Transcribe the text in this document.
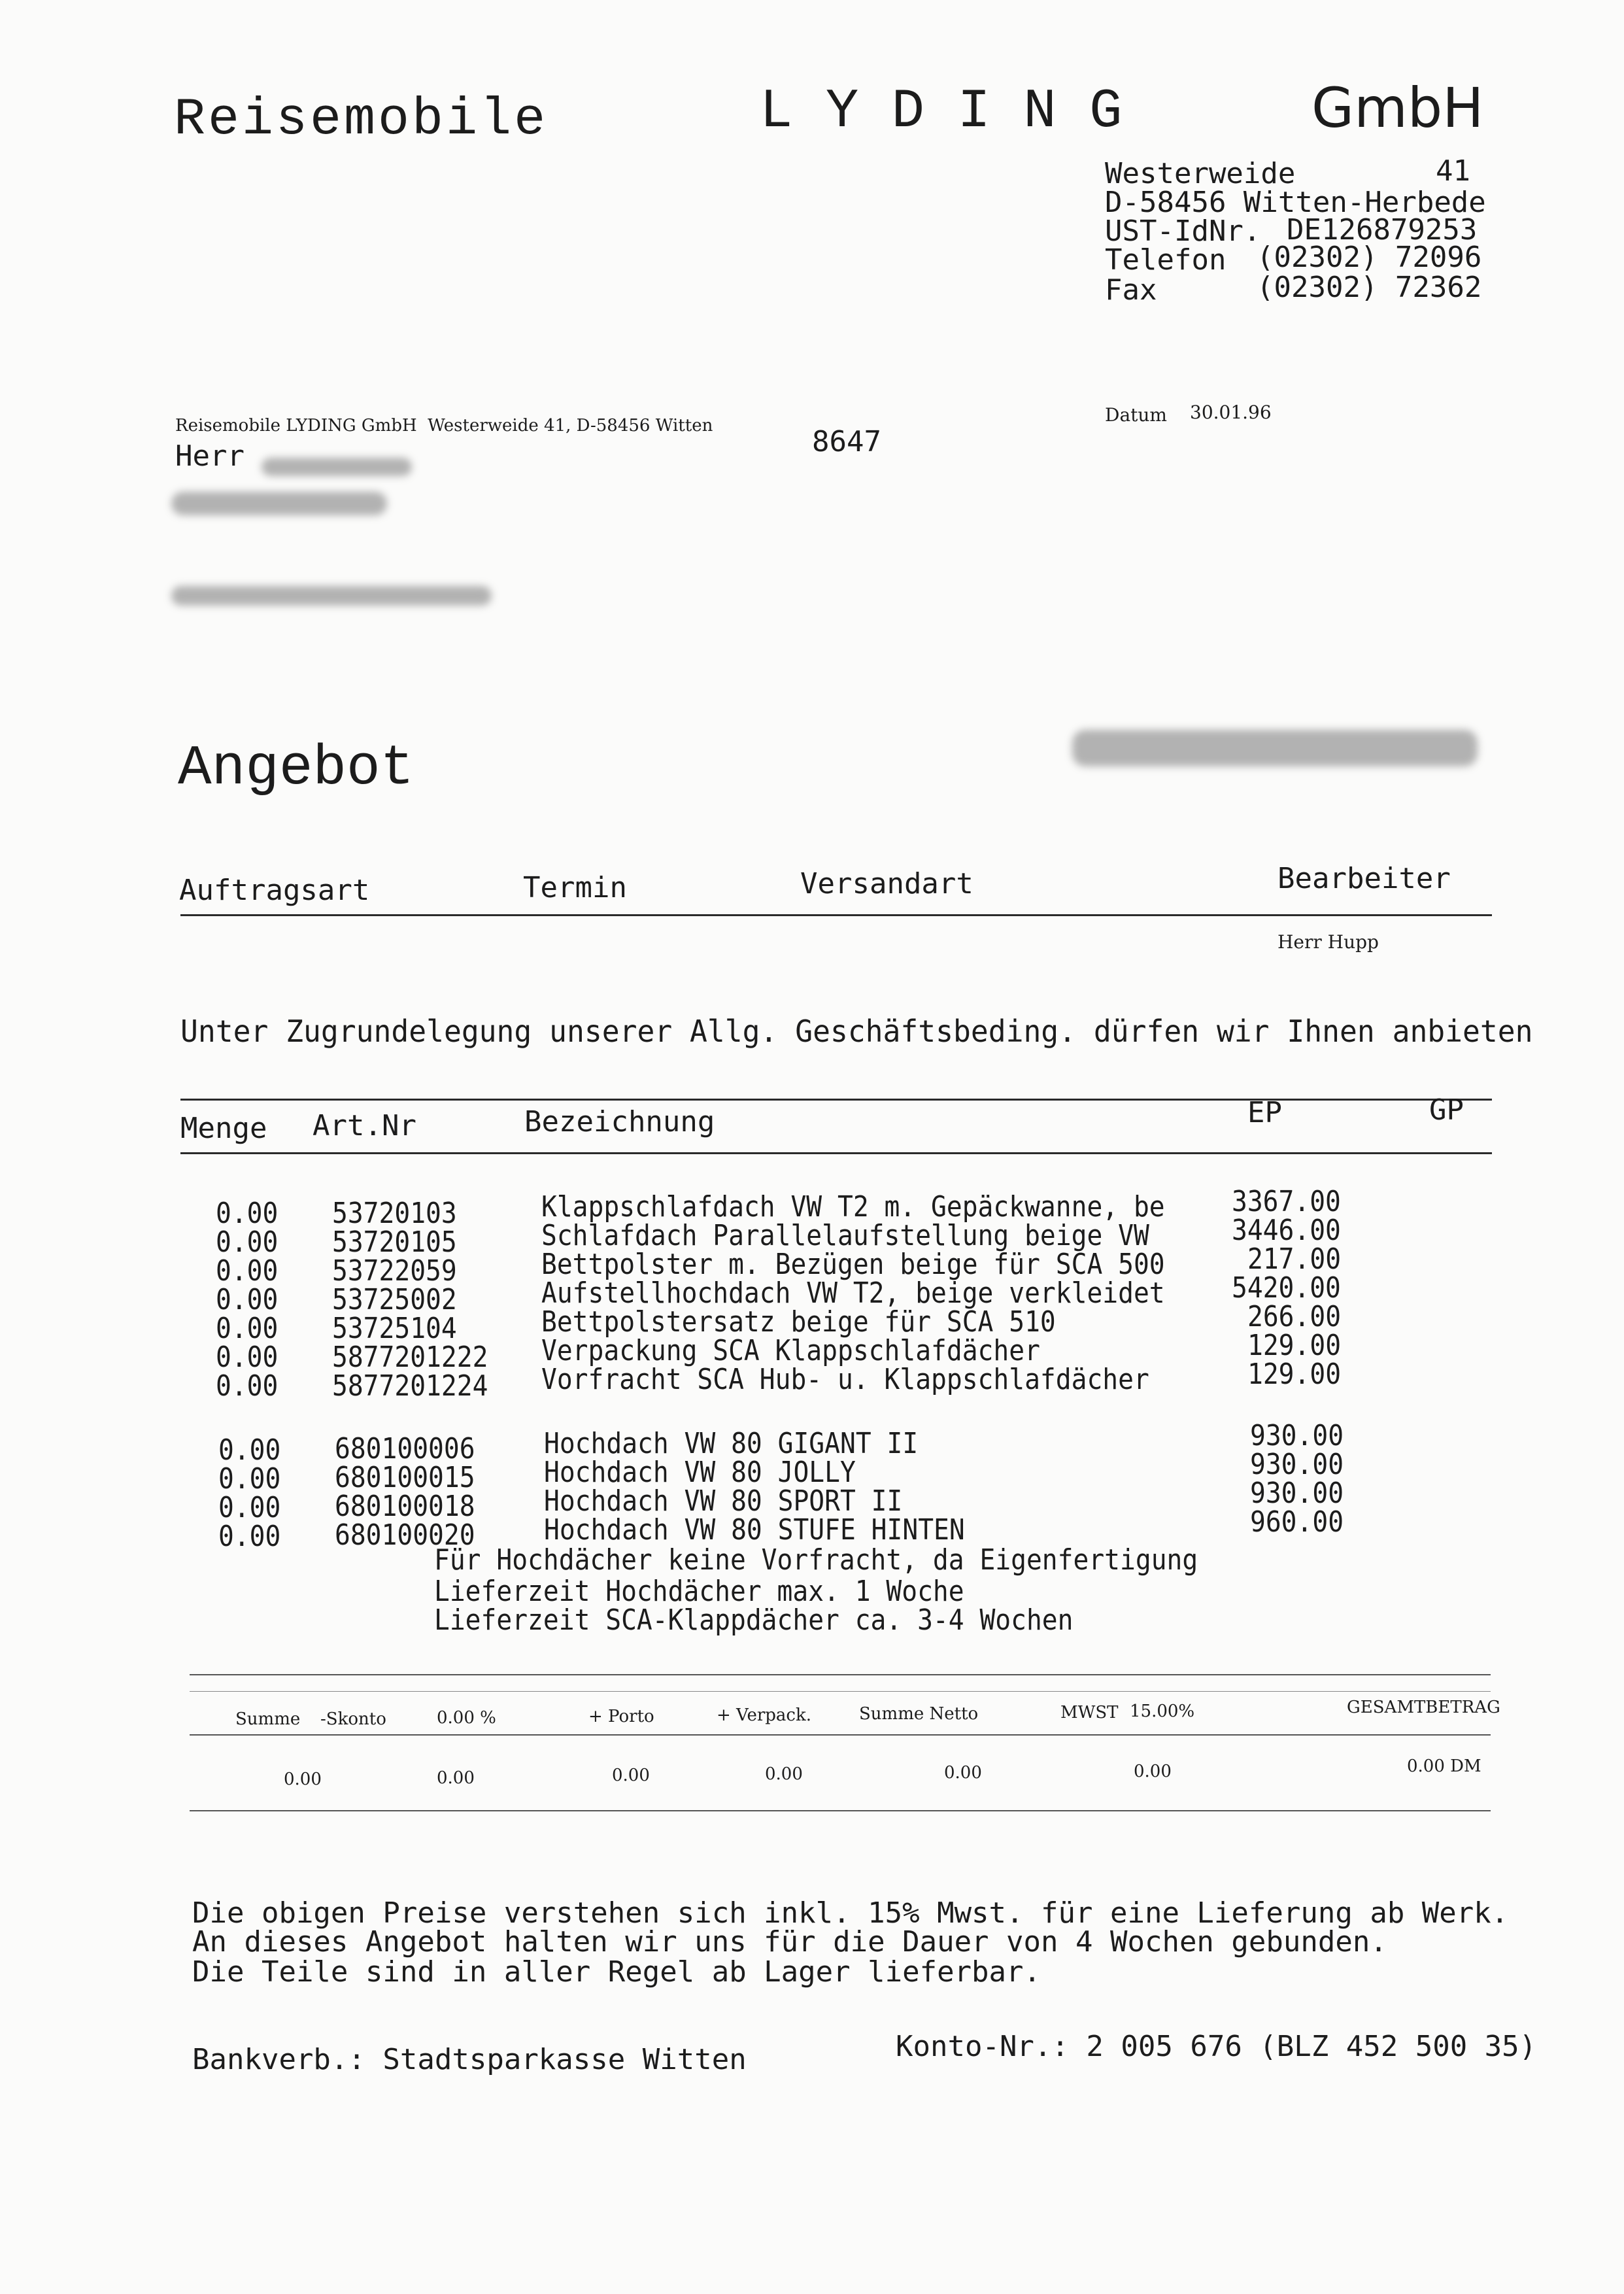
Reisemobile	L Y D I N G	GmbH
Westerweide	41
D-58456 Witten-Herbede
UST-IdNr. DE126879253
Telefon (02302) 72096
Fax	(02302) 72362
Reisemobile LYDING GmbH  Westerweide 41, D-58456 Witten	8647
Herr
Datum 30.01.96
Angebot
Auftragsart	Termin	Versandart	Bearbeiter
Herr Hupp
Unter Zugrundelegung unserer Allg. Geschäftsbeding. dürfen wir Ihnen anbieten
Menge Art.Nr	Bezeichnung	EP	GP
0.00 53720103	Klappschlafdach VW T2 m. Gepäckwanne, be 3367.00
0.00 53720105	Schlafdach Parallelaufstellung beige VW	3446.00
0.00 53722059	Bettpolster m. Bezügen beige für SCA 500	217.00
0.00 53725002	Aufstellhochdach VW T2, beige verkleidet 5420.00
0.00 53725104	Bettpolstersatz beige für SCA 510	266.00
0.00 5877201222 Verpackung SCA Klappschlafdächer	129.00
0.00 5877201224 Vorfracht SCA Hub- u. Klappschlafdächer	129.00
0.00 680100006 Hochdach VW 80 GIGANT II	930.00
0.00 680100015 Hochdach VW 80 JOLLY	930.00
0.00 680100018 Hochdach VW 80 SPORT II	930.00
0.00 680100020 Hochdach VW 80 STUFE HINTEN	960.00
Für Hochdächer keine Vorfracht, da Eigenfertigung
Lieferzeit Hochdächer max. 1 Woche
Lieferzeit SCA-Klappdächer ca. 3-4 Wochen
Summe -Skonto	0.00 %	+ Porto	+ Verpack.	Summe Netto	MWST 15.00%	GESAMTBETRAG
0.00	0.00	0.00	0.00	0.00	0.00	0.00 DM
Die obigen Preise verstehen sich inkl. 15% Mwst. für eine Lieferung ab Werk.
An dieses Angebot halten wir uns für die Dauer von 4 Wochen gebunden.
Die Teile sind in aller Regel ab Lager lieferbar.
Bankverb.: Stadtsparkasse Witten	Konto-Nr.: 2 005 676 (BLZ 452 500 35)
